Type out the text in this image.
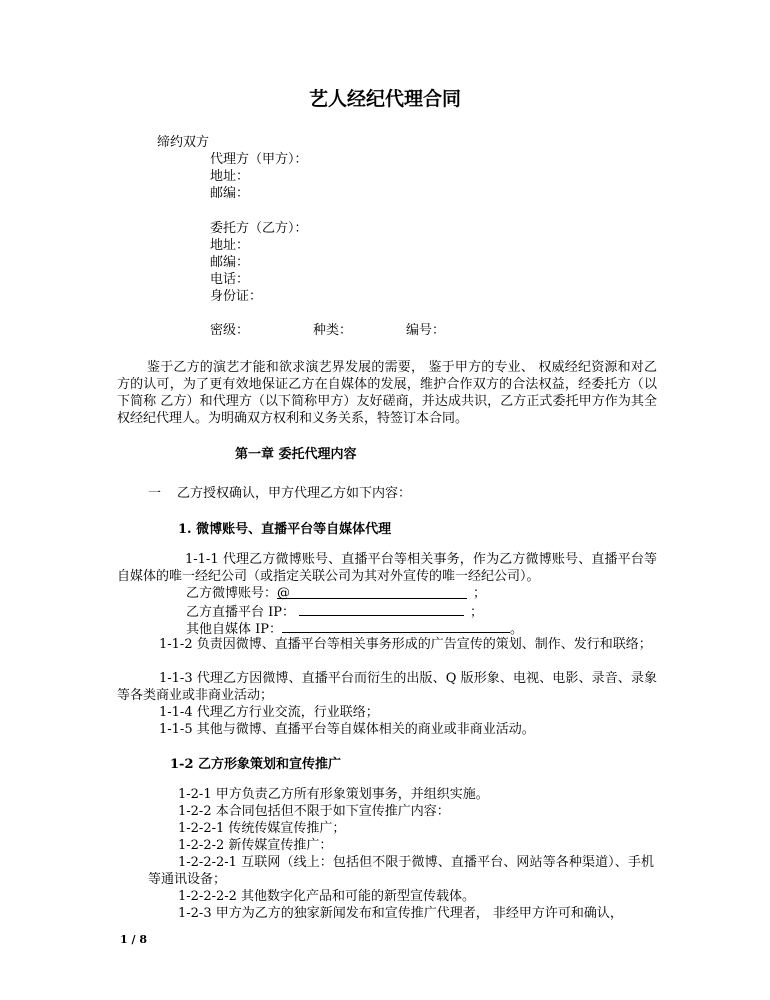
艺人经纪代理合同
缔约双方
代理方（甲方）：
地址：
邮编：
委托方（乙方）：
地址：
邮编：
电话：
身份证：
密级：	种类：	编号：
鉴于乙方的演艺才能和欲求演艺界发展的需要， 鉴于甲方的专业、 权威经纪资源和对乙方的认可，为了更有效地保证乙方在自媒体的发展，维护合作双方的合法权益，经委托方（以下简称 乙方）和代理方（以下简称甲方）友好磋商，并达成共识，乙方正式委托甲方作为其全权经纪代理人。为明确双方权利和义务关系，特签订本合同。
第一章 委托代理内容
一 乙方授权确认，甲方代理乙方如下内容：
1. 微博账号、直播平台等自媒体代理
1-1-1 代理乙方微博账号、直播平台等相关事务，作为乙方微博账号、直播平台等自媒体的唯一经纪公司（或指定关联公司为其对外宣传的唯一经纪公司）。
乙方微博账号：@	；
乙方直播平台 IP：	；
其他自媒体 IP：	。
1-1-2 负责因微博、直播平台等相关事务形成的广告宣传的策划、制作、发行和联络；
1-1-3 代理乙方因微博、直播平台而衍生的出版、Q 版形象、电视、电影、录音、录象等各类商业或非商业活动；
1-1-4 代理乙方行业交流，行业联络；
1-1-5 其他与微博、直播平台等自媒体相关的商业或非商业活动。
1-2 乙方形象策划和宣传推广
1-2-1 甲方负责乙方所有形象策划事务，并组织实施。
1-2-2 本合同包括但不限于如下宣传推广内容：
1-2-2-1 传统传媒宣传推广；
1-2-2-2 新传媒宣传推广：
1-2-2-2-1 互联网（线上：包括但不限于微博、直播平台、网站等各种渠道）、手机等通讯设备；
1-2-2-2-2 其他数字化产品和可能的新型宣传载体。
1-2-3 甲方为乙方的独家新闻发布和宣传推广代理者， 非经甲方许可和确认，
1 / 8
